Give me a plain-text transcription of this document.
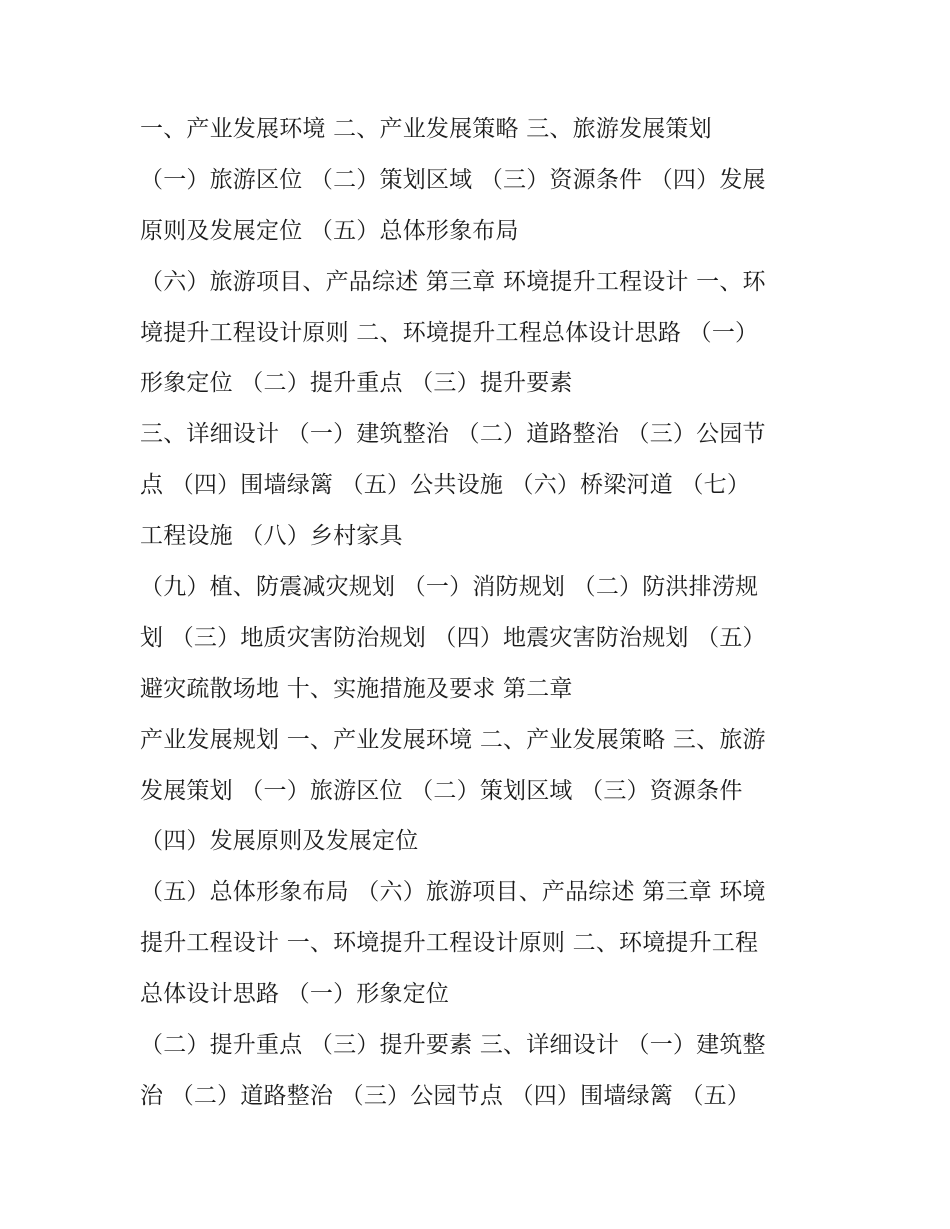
一、产业发展环境 二、产业发展策略 三、旅游发展策划
（一）旅游区位 （二）策划区域 （三）资源条件 （四）发展
原则及发展定位 （五）总体形象布局
（六）旅游项目、产品综述 第三章 环境提升工程设计 一、环
境提升工程设计原则 二、环境提升工程总体设计思路 （一）
形象定位 （二）提升重点 （三）提升要素
三、详细设计 （一）建筑整治 （二）道路整治 （三）公园节
点 （四）围墙绿篱 （五）公共设施 （六）桥梁河道 （七）
工程设施 （八）乡村家具
（九）植、防震减灾规划 （一）消防规划 （二）防洪排涝规
划 （三）地质灾害防治规划 （四）地震灾害防治规划 （五）
避灾疏散场地 十、实施措施及要求 第二章
产业发展规划 一、产业发展环境 二、产业发展策略 三、旅游
发展策划 （一）旅游区位 （二）策划区域 （三）资源条件
（四）发展原则及发展定位
（五）总体形象布局 （六）旅游项目、产品综述 第三章 环境
提升工程设计 一、环境提升工程设计原则 二、环境提升工程
总体设计思路 （一）形象定位
（二）提升重点 （三）提升要素 三、详细设计 （一）建筑整
治 （二）道路整治 （三）公园节点 （四）围墙绿篱 （五）
